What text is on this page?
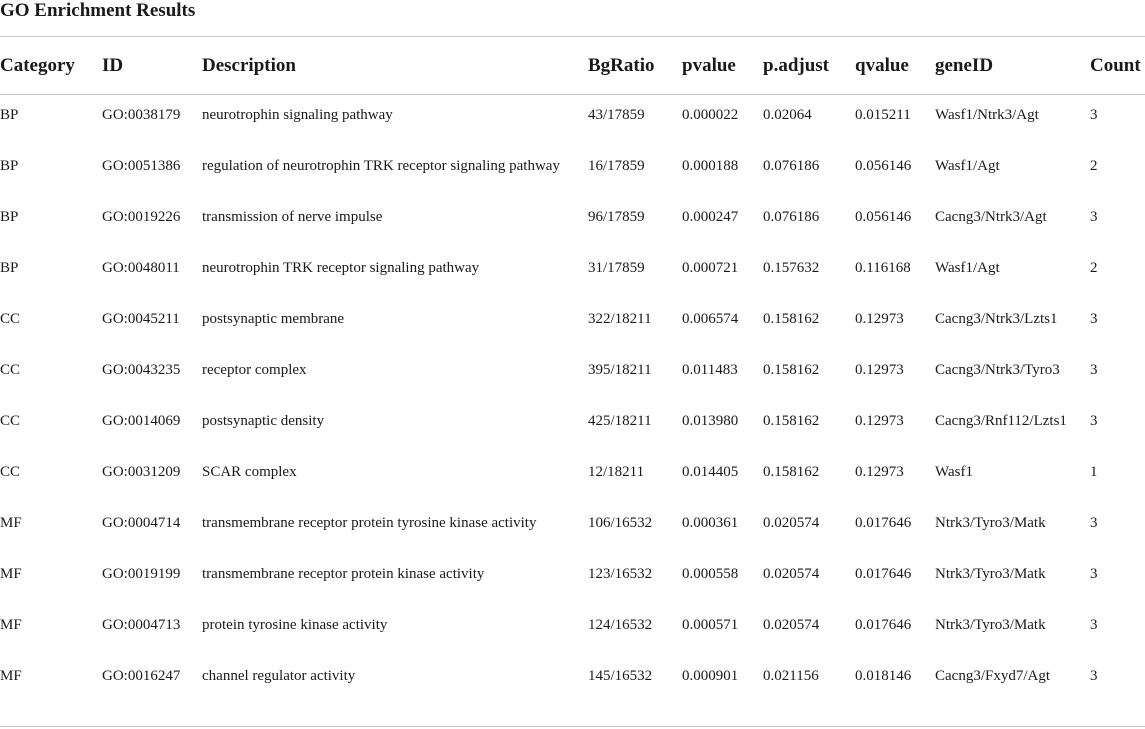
GO Enrichment Results
Category	ID	Description	BgRatio	pvalue	p.adjust	qvalue	geneID	Count
BP	GO:​0038179	neurotrophin signaling pathway	43/17859	0.000022	0.02064	0.015211	Wasf1/Ntrk3/Agt	3
BP	GO:​0051386	regulation of neurotrophin TRK receptor signaling pathway	16/17859	0.000188	0.076186	0.056146	Wasf1/Agt	2
BP	GO:​0019226	transmission of nerve impulse	96/17859	0.000247	0.076186	0.056146	Cacng3/Ntrk3/Agt	3
BP	GO:​0048011	neurotrophin TRK receptor signaling pathway	31/17859	0.000721	0.157632	0.116168	Wasf1/Agt	2
CC	GO:​0045211	postsynaptic membrane	322/18211	0.006574	0.158162	0.12973	Cacng3/Ntrk3/​Lzts1	3
CC	GO:​0043235	receptor complex	395/18211	0.011483	0.158162	0.12973	Cacng3/Ntrk3/​Tyro3	3
CC	GO:​0014069	postsynaptic density	425/18211	0.013980	0.158162	0.12973	Cacng3/Rnf112/​Lzts1	3
CC	GO:​0031209	SCAR complex	12/18211	0.014405	0.158162	0.12973	Wasf1	1
MF	GO:​0004714	transmembrane receptor protein tyrosine kinase activity	106/16532	0.000361	0.020574	0.017646	Ntrk3/Tyro3/Matk	3
MF	GO:​0019199	transmembrane receptor protein kinase activity	123/16532	0.000558	0.020574	0.017646	Ntrk3/Tyro3/Matk	3
MF	GO:​0004713	protein tyrosine kinase activity	124/16532	0.000571	0.020574	0.017646	Ntrk3/Tyro3/Matk	3
MF	GO:​0016247	channel regulator activity	145/16532	0.000901	0.021156	0.018146	Cacng3/Fxyd7/Agt	3
